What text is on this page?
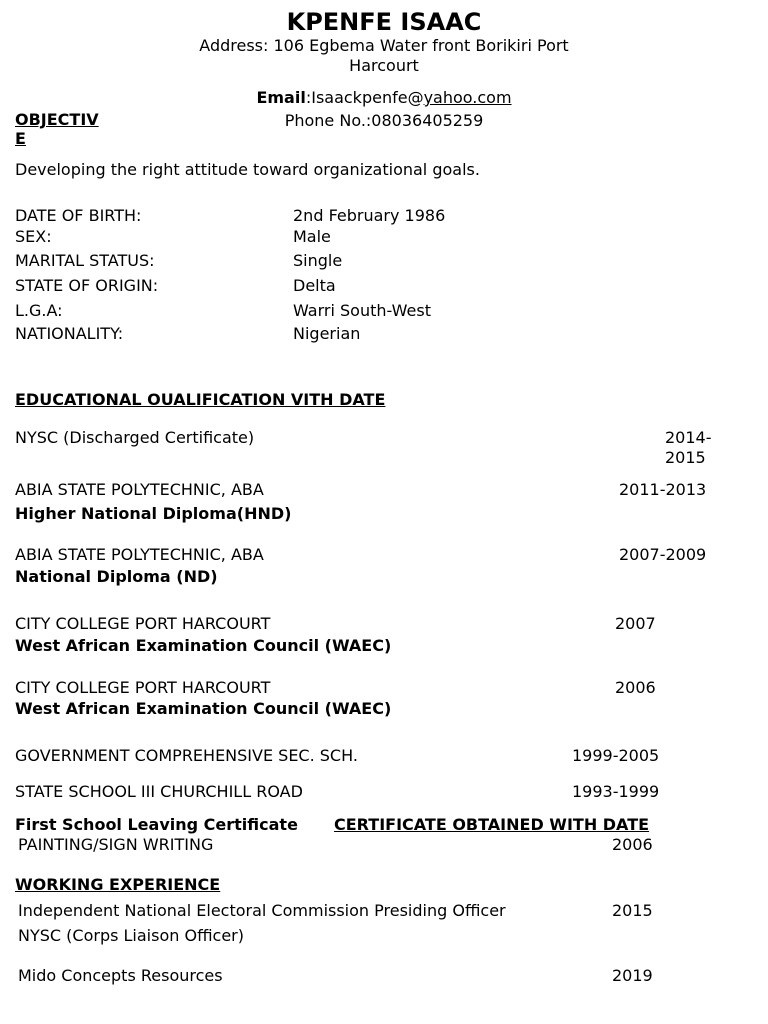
KPENFE ISAAC
Address: 106 Egbema Water front Borikiri Port
Harcourt
Email:Isaackpenfe@yahoo.com
Phone No.:08036405259
OBJECTIV
E
Developing the right attitude toward organizational goals.
DATE OF BIRTH:	2nd February 1986
SEX:	Male
MARITAL STATUS:	Single
STATE OF ORIGIN:	Delta
L.G.A:	Warri South-West
NATIONALITY:	Nigerian
EDUCATIONAL OUALIFICATION VITH DATE
NYSC (Discharged Certificate)	2014-
2015
ABIA STATE POLYTECHNIC, ABA	2011-2013
Higher National Diploma(HND)
ABIA STATE POLYTECHNIC, ABA	2007-2009
National Diploma (ND)
CITY COLLEGE PORT HARCOURT	2007
West African Examination Council (WAEC)
CITY COLLEGE PORT HARCOURT	2006
West African Examination Council (WAEC)
GOVERNMENT COMPREHENSIVE SEC. SCH.	1999-2005
STATE SCHOOL III CHURCHILL ROAD	1993-1999
First School Leaving Certificate CERTIFICATE OBTAINED WITH DATE
PAINTING/SIGN WRITING	2006
WORKING EXPERIENCE
Independent National Electoral Commission Presiding Officer	2015
NYSC (Corps Liaison Officer)
Mido Concepts Resources	2019
